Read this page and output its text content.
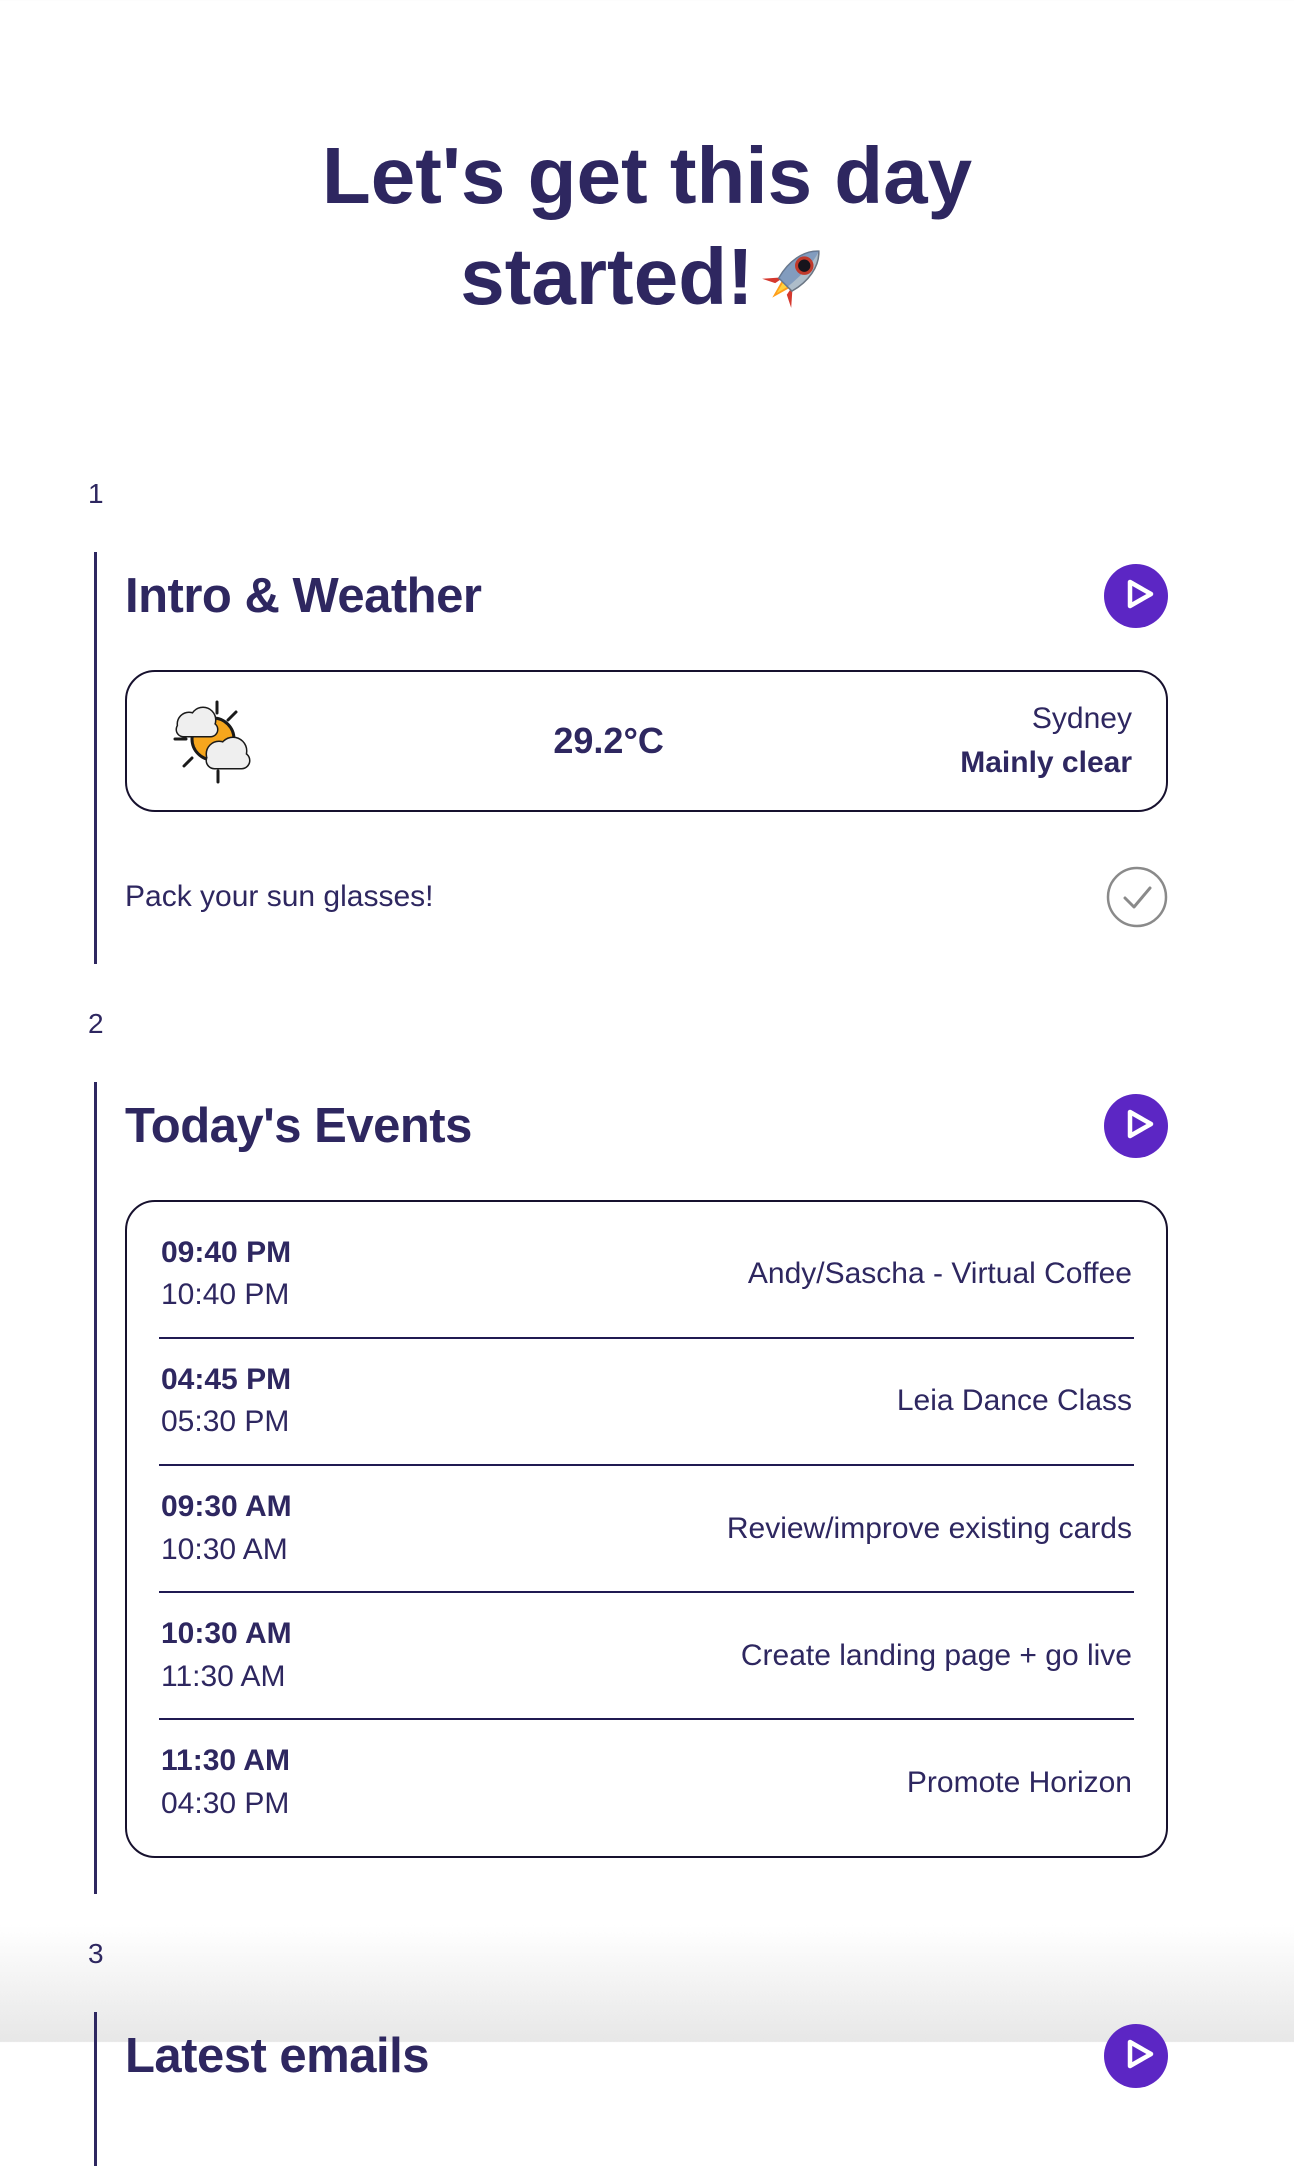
Let's get this day started!
1
Intro & Weather
29.2°C
Sydney
Mainly clear
Pack your sun glasses!
2
Today's Events
09:40 PM
10:40 PM
Andy/Sascha - Virtual Coffee
04:45 PM
05:30 PM
Leia Dance Class
09:30 AM
10:30 AM
Review/improve existing cards
10:30 AM
11:30 AM
Create landing page + go live
11:30 AM
04:30 PM
Promote Horizon
3
Latest emails
